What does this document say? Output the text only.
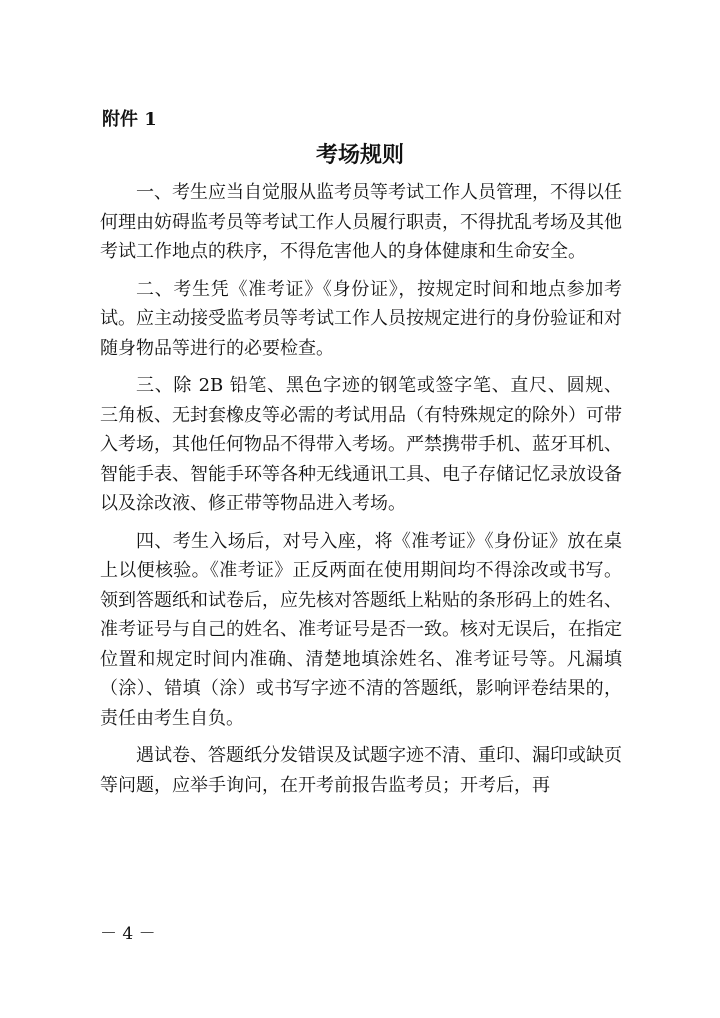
附件 1
考场规则

一、考生应当自觉服从监考员等考试工作人员管理，不得以任何理由妨碍监考员等考试工作人员履行职责，不得扰乱考场及其他考试工作地点的秩序，不得危害他人的身体健康和生命安全。

二、考生凭《准考证》《身份证》，按规定时间和地点参加考试。应主动接受监考员等考试工作人员按规定进行的身份验证和对随身物品等进行的必要检查。

三、除 2B 铅笔、黑色字迹的钢笔或签字笔、直尺、圆规、三角板、无封套橡皮等必需的考试用品（有特殊规定的除外）可带入考场，其他任何物品不得带入考场。严禁携带手机、蓝牙耳机、智能手表、智能手环等各种无线通讯工具、电子存储记忆录放设备以及涂改液、修正带等物品进入考场。

四、考生入场后，对号入座，将《准考证》《身份证》放在桌上以便核验。《准考证》正反两面在使用期间均不得涂改或书写。领到答题纸和试卷后，应先核对答题纸上粘贴的条形码上的姓名、准考证号与自己的姓名、准考证号是否一致。核对无误后，在指定位置和规定时间内准确、清楚地填涂姓名、准考证号等。凡漏填（涂）、错填（涂）或书写字迹不清的答题纸，影响评卷结果的，责任由考生自负。

遇试卷、答题纸分发错误及试题字迹不清、重印、漏印或缺页等问题，应举手询问，在开考前报告监考员；开考后，再

－ 4 －
